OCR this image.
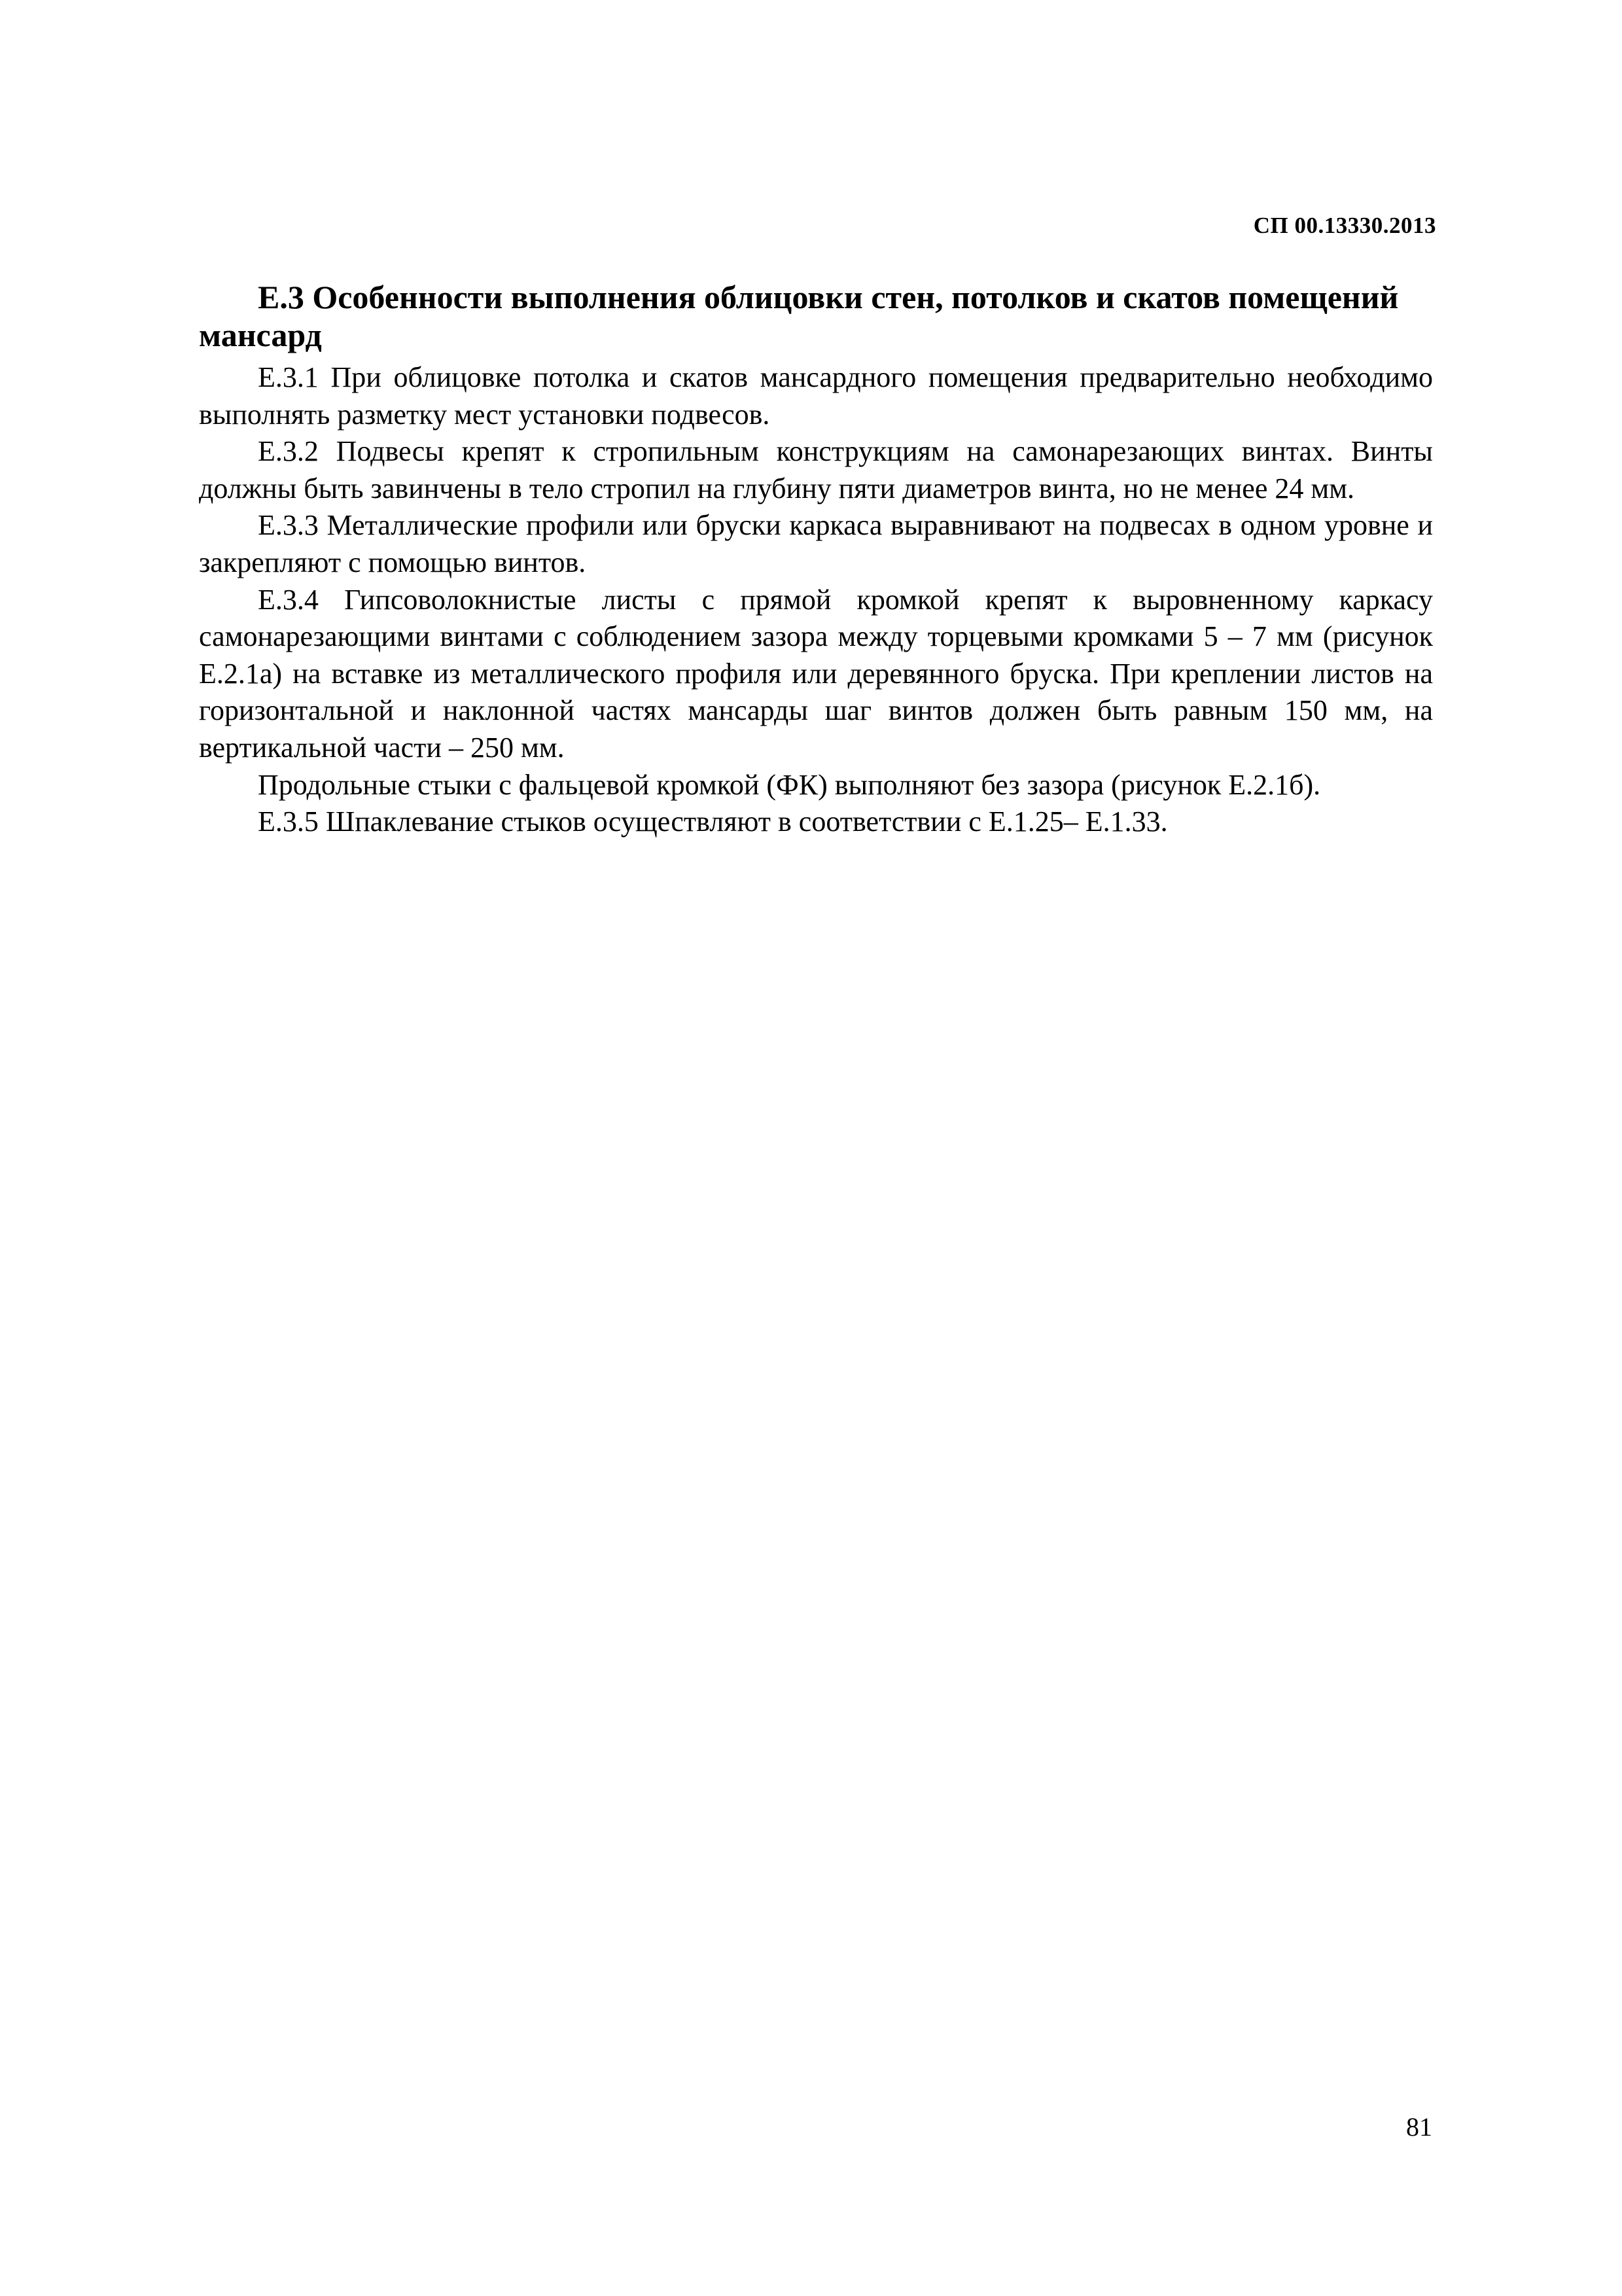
СП 00.13330.2013
Е.3 Особенности выполнения облицовки стен, потолков и скатов помещений мансард

Е.3.1 При облицовке потолка и скатов мансардного помещения предварительно необходимо выполнять разметку мест установки подвесов.

Е.3.2 Подвесы крепят к стропильным конструкциям на самонарезающих винтах. Винты должны быть завинчены в тело стропил на глубину пяти диаметров винта, но не менее 24 мм.

Е.3.3 Металлические профили или бруски каркаса выравнивают на подвесах в одном уровне и закрепляют с помощью винтов.

Е.3.4 Гипсоволокнистые листы с прямой кромкой крепят к выровненному каркасу самонарезающими винтами с соблюдением зазора между торцевыми кромками 5 – 7 мм (рисунок Е.2.1а) на вставке из металлического профиля или деревянного бруска. При креплении листов на горизонтальной и наклонной частях мансарды шаг винтов должен быть равным 150 мм, на вертикальной части – 250 мм.

Продольные стыки с фальцевой кромкой (ФК) выполняют без зазора (рисунок Е.2.1б).

Е.3.5 Шпаклевание стыков осуществляют в соответствии с Е.1.25– Е.1.33.

81
